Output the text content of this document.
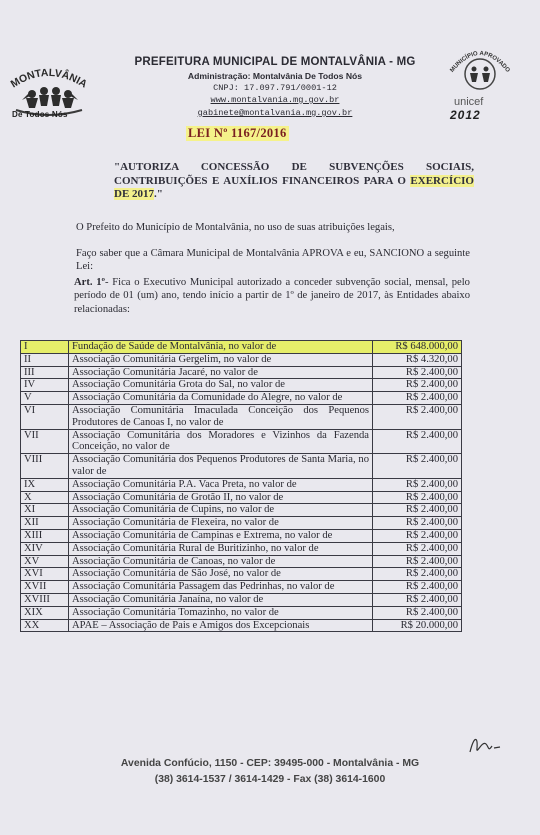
MONTALVÂNIA
De Todos Nós
PREFEITURA MUNICIPAL DE MONTALVÂNIA - MG
Administração: Montalvânia De Todos Nós
CNPJ: 17.097.791/0001-12
www.montalvania.mg.gov.br
gabinete@montalvania.mg.gov.br
MUNICÍPIO APROVADO
unicef
2012
LEI Nº 1167/2016
"AUTORIZA CONCESSÃO DE SUBVENÇÕES SOCIAIS, CONTRIBUIÇÕES E AUXÍLIOS FINANCEIROS PARA O EXERCÍCIO DE 2017."
O Prefeito do Município de Montalvânia, no uso de suas atribuições legais,
Faço saber que a Câmara Municipal de Montalvânia APROVA e eu, SANCIONO a seguinte Lei:
Art. 1º- Fica o Executivo Municipal autorizado a conceder subvenção social, mensal, pelo período de 01 (um) ano, tendo início a partir de 1º de janeiro de 2017, às Entidades abaixo relacionadas:
I	Fundação de Saúde de Montalvânia, no valor de	R$ 648.000,00
II	Associação Comunitária Gergelim, no valor de	R$ 4.320,00
III	Associação Comunitária Jacaré, no valor de	R$ 2.400,00
IV	Associação Comunitária Grota do Sal, no valor de	R$ 2.400,00
V	Associação Comunitária da Comunidade do Alegre, no valor de	R$ 2.400,00
VI	Associação Comunitária Imaculada Conceição dos Pequenos Produtores de Canoas I, no valor de	R$ 2.400,00
VII	Associação Comunitária dos Moradores e Vizinhos da Fazenda Conceição, no valor de	R$ 2.400,00
VIII	Associação Comunitária dos Pequenos Produtores de Santa Maria, no valor de	R$ 2.400,00
IX	Associação Comunitária P.A. Vaca Preta, no valor de	R$ 2.400,00
X	Associação Comunitária de Grotão II, no valor de	R$ 2.400,00
XI	Associação Comunitária de Cupins, no valor de	R$ 2.400,00
XII	Associação Comunitária de Flexeira, no valor de	R$ 2.400,00
XIII	Associação Comunitária de Campinas e Extrema, no valor de	R$ 2.400,00
XIV	Associação Comunitária Rural de Buritizinho, no valor de	R$ 2.400,00
XV	Associação Comunitária de Canoas, no valor de	R$ 2.400,00
XVI	Associação Comunitária de São José, no valor de	R$ 2.400,00
XVII	Associação Comunitária Passagem das Pedrinhas, no valor de	R$ 2.400,00
XVIII	Associação Comunitária Janaína, no valor de	R$ 2.400,00
XIX	Associação Comunitária Tomazinho, no valor de	R$ 2.400,00
XX	APAE – Associação de Pais e Amigos dos Excepcionais	R$ 20.000,00
Avenida Confúcio, 1150 - CEP: 39495-000 - Montalvânia - MG
(38) 3614-1537 / 3614-1429 - Fax (38) 3614-1600
